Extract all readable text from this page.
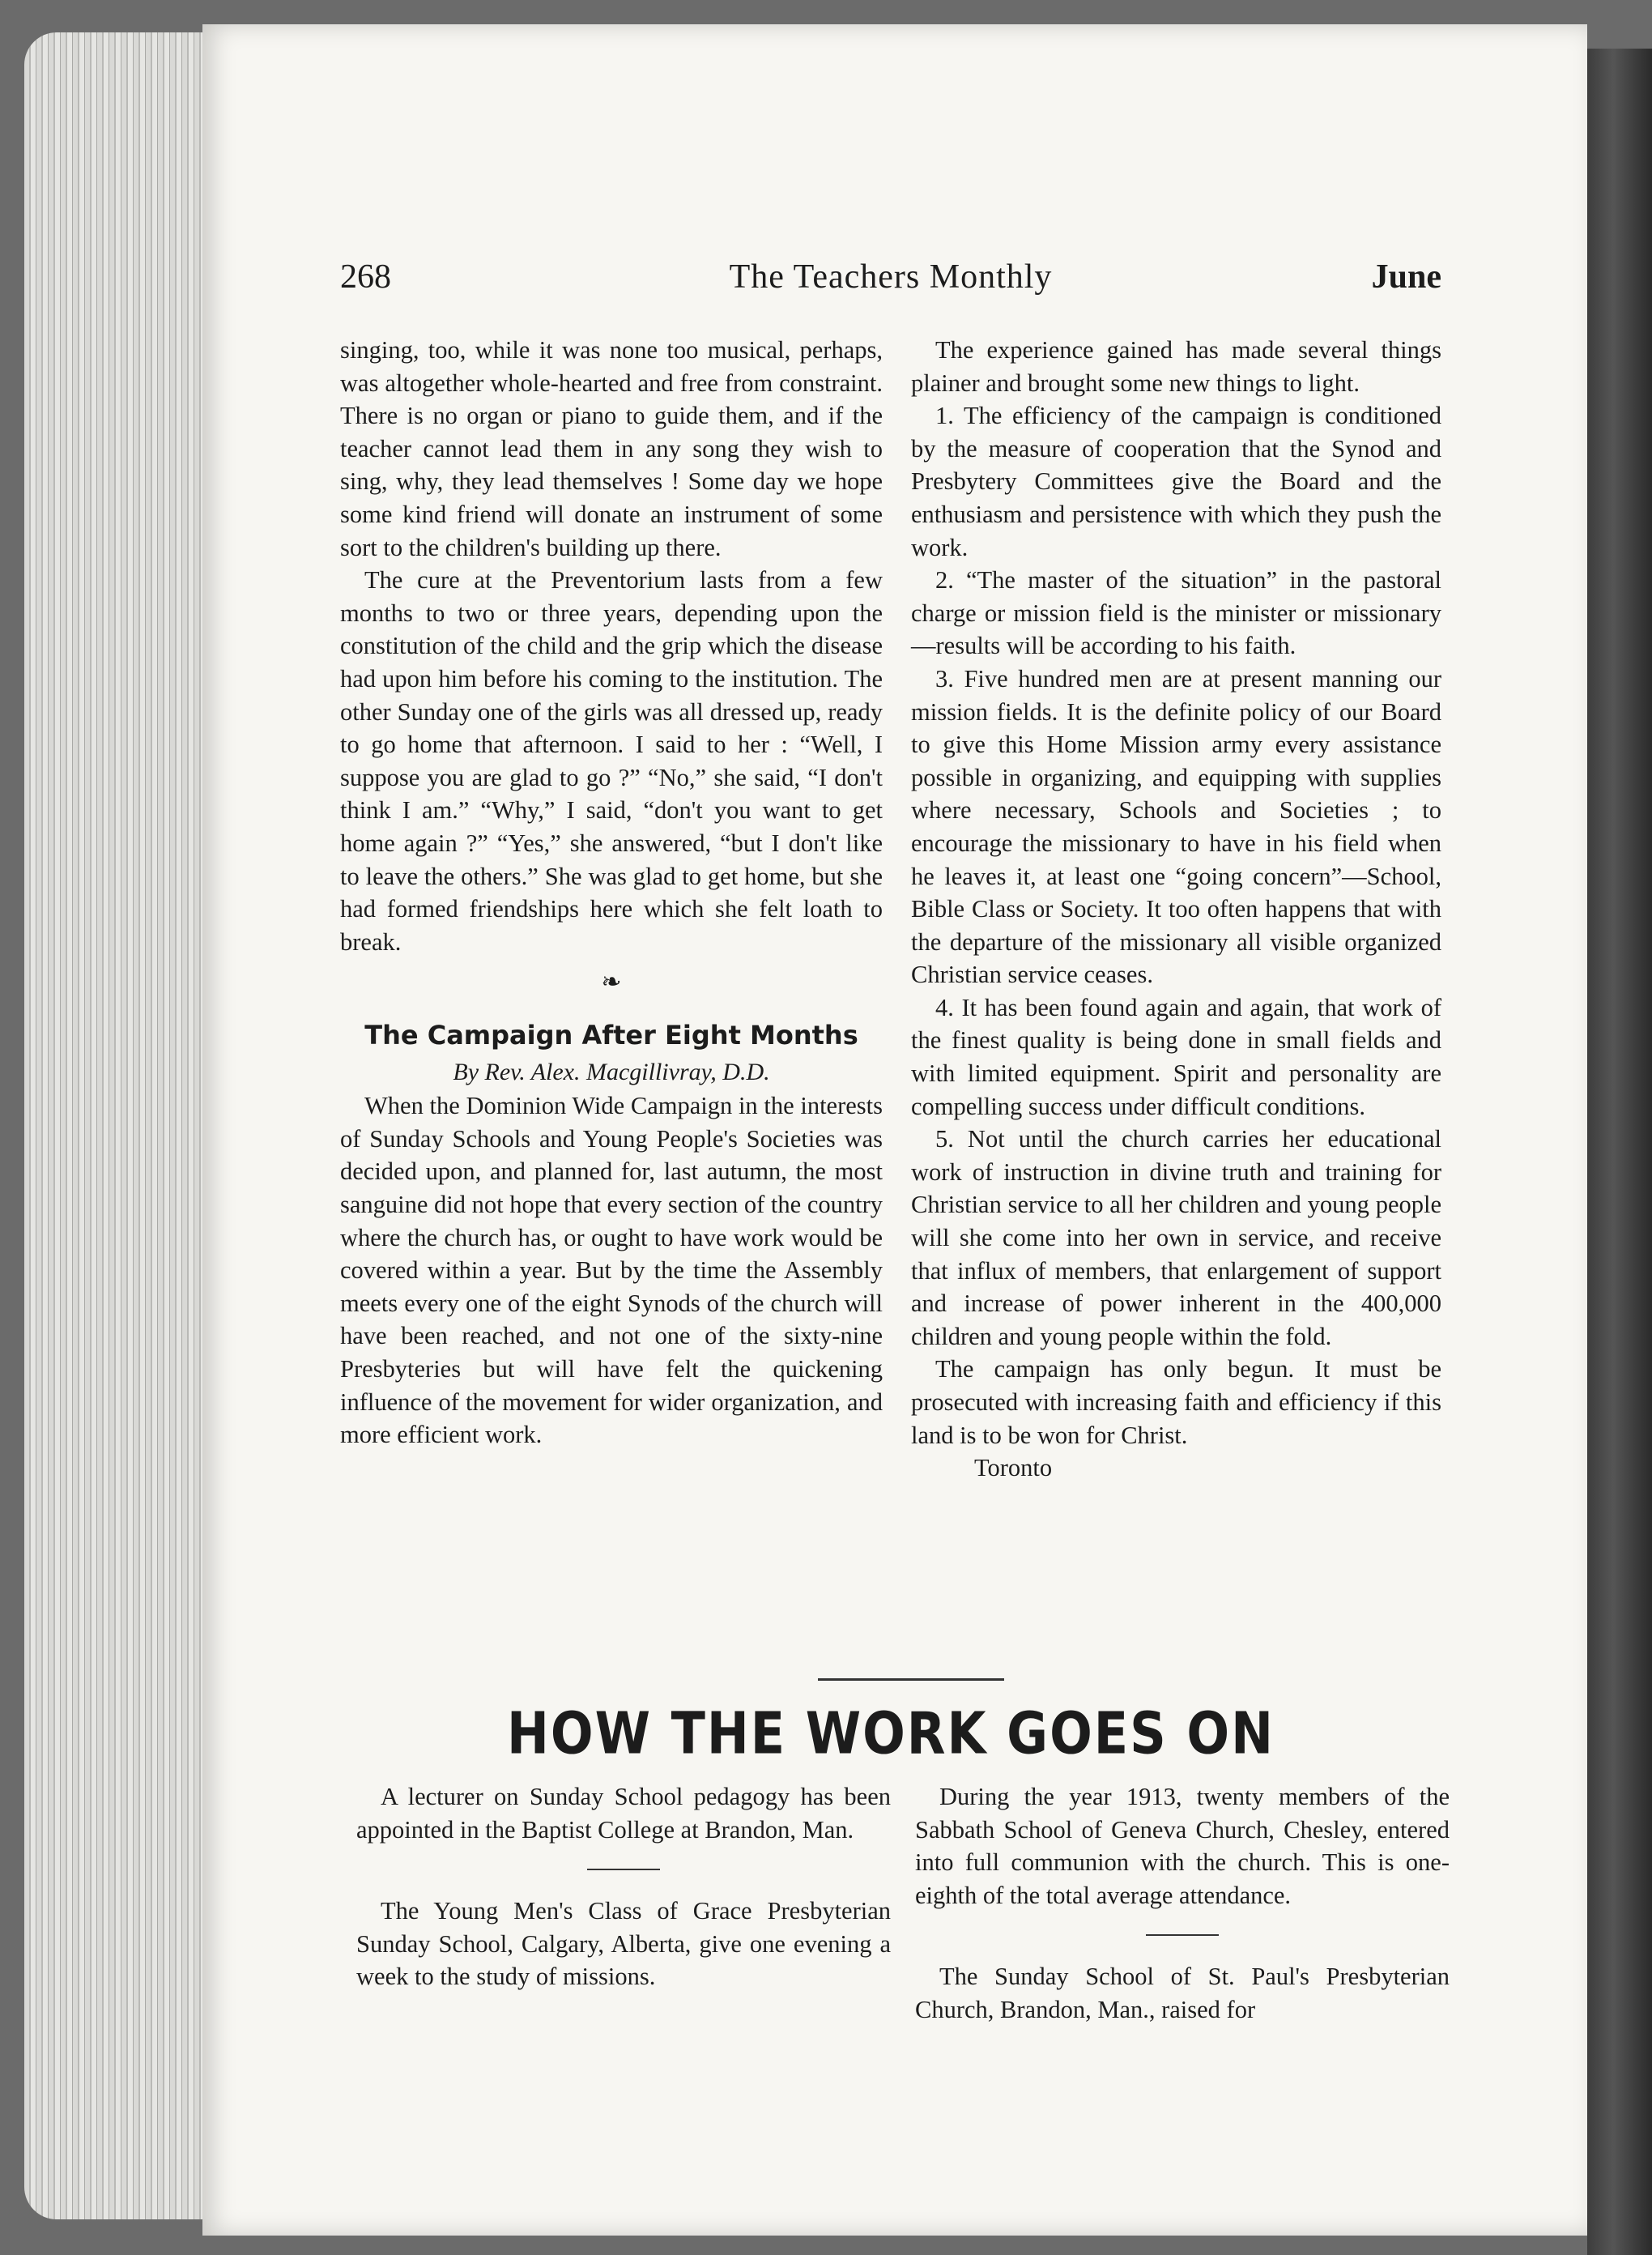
268	The Teachers Monthly	June

singing, too, while it was none too musical, perhaps, was altogether whole-hearted and free from constraint. There is no organ or piano to guide them, and if the teacher cannot lead them in any song they wish to sing, why, they lead themselves ! Some day we hope some kind friend will donate an instrument of some sort to the children's building up there.

The cure at the Preventorium lasts from a few months to two or three years, depending upon the constitution of the child and the grip which the disease had upon him before his coming to the institution. The other Sunday one of the girls was all dressed up, ready to go home that afternoon. I said to her : “Well, I suppose you are glad to go ?” “No,” she said, “I don't think I am.” “Why,” I said, “don't you want to get home again ?” “Yes,” she answered, “but I don't like to leave the others.” She was glad to get home, but she had formed friendships here which she felt loath to break.

❧
The Campaign After Eight Months
By Rev. Alex. Macgillivray, D.D.

When the Dominion Wide Campaign in the interests of Sunday Schools and Young People's Societies was decided upon, and planned for, last autumn, the most sanguine did not hope that every section of the country where the church has, or ought to have work would be covered within a year. But by the time the Assembly meets every one of the eight Synods of the church will have been reached, and not one of the sixty-nine Presbyteries but will have felt the quickening influence of the movement for wider organization, and more efficient work.

The experience gained has made several things plainer and brought some new things to light.

1. The efficiency of the campaign is conditioned by the measure of cooperation that the Synod and Presbytery Committees give the Board and the enthusiasm and persistence with which they push the work.

2. “The master of the situation” in the pastoral charge or mission field is the minister or missionary—results will be according to his faith.

3. Five hundred men are at present manning our mission fields. It is the definite policy of our Board to give this Home Mission army every assistance possible in organizing, and equipping with supplies where necessary, Schools and Societies ; to encourage the missionary to have in his field when he leaves it, at least one “going concern”—School, Bible Class or Society. It too often happens that with the departure of the missionary all visible organized Christian service ceases.

4. It has been found again and again, that work of the finest quality is being done in small fields and with limited equipment. Spirit and personality are compelling success under difficult conditions.

5. Not until the church carries her educational work of instruction in divine truth and training for Christian service to all her children and young people will she come into her own in service, and receive that influx of members, that enlargement of support and increase of power inherent in the 400,000 children and young people within the fold.

The campaign has only begun. It must be prosecuted with increasing faith and efficiency if this land is to be won for Christ.

Toronto

HOW THE WORK GOES ON

A lecturer on Sunday School pedagogy has been appointed in the Baptist College at Brandon, Man.

The Young Men's Class of Grace Presbyterian Sunday School, Calgary, Alberta, give one evening a week to the study of missions.

During the year 1913, twenty members of the Sabbath School of Geneva Church, Chesley, entered into full communion with the church. This is one-eighth of the total average attendance.

The Sunday School of St. Paul's Presbyterian Church, Brandon, Man., raised for
